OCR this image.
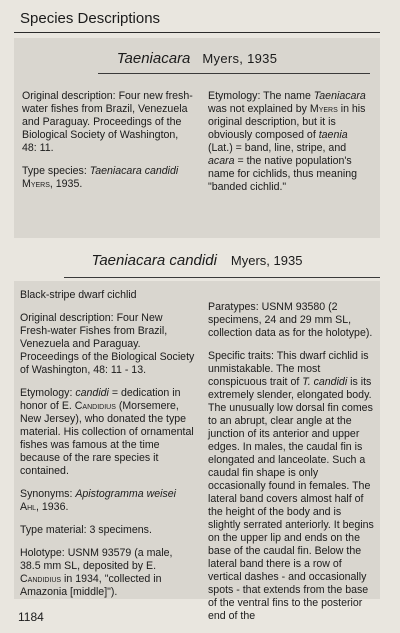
Species Descriptions
Taeniacara Myers, 1935

Original description: Four new fresh-water fishes from Brazil, Venezuela and Paraguay. Proceedings of the Biological Society of Washington, 48: 11.

Type species: Taeniacara candidi Myers, 1935.

Etymology: The name Taeniacara was not explained by Myers in his original description, but it is obviously composed of taenia (Lat.) = band, line, stripe, and acara = the native population's name for cichlids, thus meaning "banded cichlid."

Taeniacara candidi Myers, 1935

Black-stripe dwarf cichlid

Original description: Four New Fresh-water Fishes from Brazil, Venezuela and Paraguay. Proceedings of the Biological Society of Washington, 48: 11 - 13.

Etymology: candidi = dedication in honor of E. Candidius (Morsemere, New Jersey), who donated the type material. His collection of ornamental fishes was famous at the time because of the rare species it contained.

Synonyms: Apistogramma weisei Ahl, 1936.

Type material: 3 specimens.

Holotype: USNM 93579 (a male, 38.5 mm SL, deposited by E. Candidius in 1934, "collected in Amazonia [middle]").

Paratypes: USNM 93580 (2 specimens, 24 and 29 mm SL, collection data as for the holotype).

Specific traits: This dwarf cichlid is unmistakable. The most conspicuous trait of T. candidi is its extremely slender, elongated body. The unusually low dorsal fin comes to an abrupt, clear angle at the junction of its anterior and upper edges. In males, the caudal fin is elongated and lanceolate. Such a caudal fin shape is only occasionally found in females. The lateral band covers almost half of the height of the body and is slightly serrated anteriorly. It begins on the upper lip and ends on the base of the caudal fin. Below the lateral band there is a row of vertical dashes - and occasionally spots - that extends from the base of the ventral fins to the posterior end of the

1184
